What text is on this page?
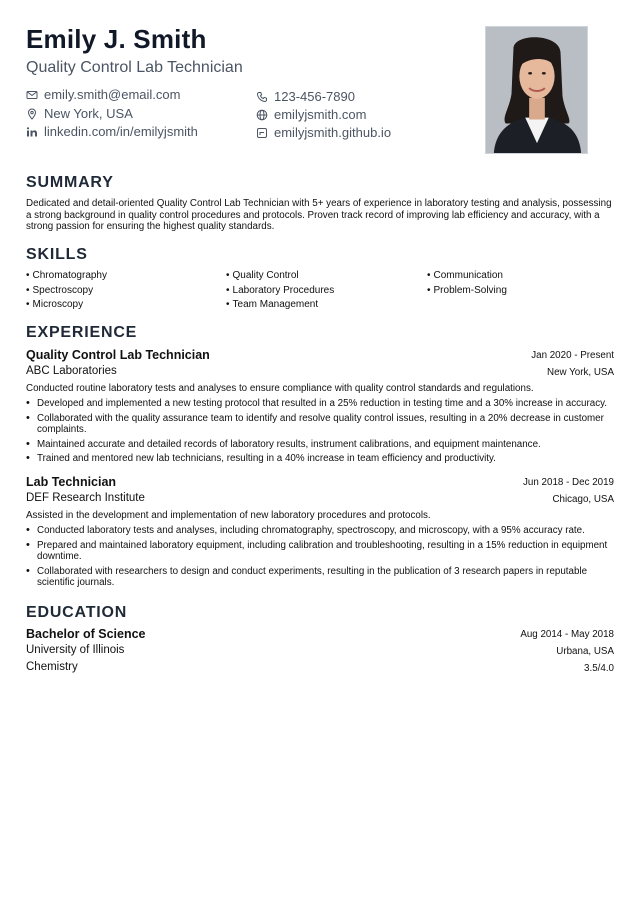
Emily J. Smith
Quality Control Lab Technician
emily.smith@email.com
New York, USA
linkedin.com/in/emilyjsmith
123-456-7890
emilyjsmith.com
emilyjsmith.github.io
SUMMARY
Dedicated and detail-oriented Quality Control Lab Technician with 5+ years of experience in laboratory testing and analysis, possessing a strong background in quality control procedures and protocols. Proven track record of improving lab efficiency and accuracy, with a strong passion for ensuring the highest quality standards.
SKILLS
• Chromatography
• Spectroscopy
• Microscopy
• Quality Control
• Laboratory Procedures
• Team Management
• Communication
• Problem-Solving
EXPERIENCE
Quality Control Lab Technician	Jan 2020 - Present
ABC Laboratories	New York, USA
Conducted routine laboratory tests and analyses to ensure compliance with quality control standards and regulations.
• Developed and implemented a new testing protocol that resulted in a 25% reduction in testing time and a 30% increase in accuracy.
• Collaborated with the quality assurance team to identify and resolve quality control issues, resulting in a 20% decrease in customer complaints.
• Maintained accurate and detailed records of laboratory results, instrument calibrations, and equipment maintenance.
• Trained and mentored new lab technicians, resulting in a 40% increase in team efficiency and productivity.
Lab Technician	Jun 2018 - Dec 2019
DEF Research Institute	Chicago, USA
Assisted in the development and implementation of new laboratory procedures and protocols.
• Conducted laboratory tests and analyses, including chromatography, spectroscopy, and microscopy, with a 95% accuracy rate.
• Prepared and maintained laboratory equipment, including calibration and troubleshooting, resulting in a 15% reduction in equipment downtime.
• Collaborated with researchers to design and conduct experiments, resulting in the publication of 3 research papers in reputable scientific journals.
EDUCATION
Bachelor of Science	Aug 2014 - May 2018
University of Illinois	Urbana, USA
Chemistry	3.5/4.0
